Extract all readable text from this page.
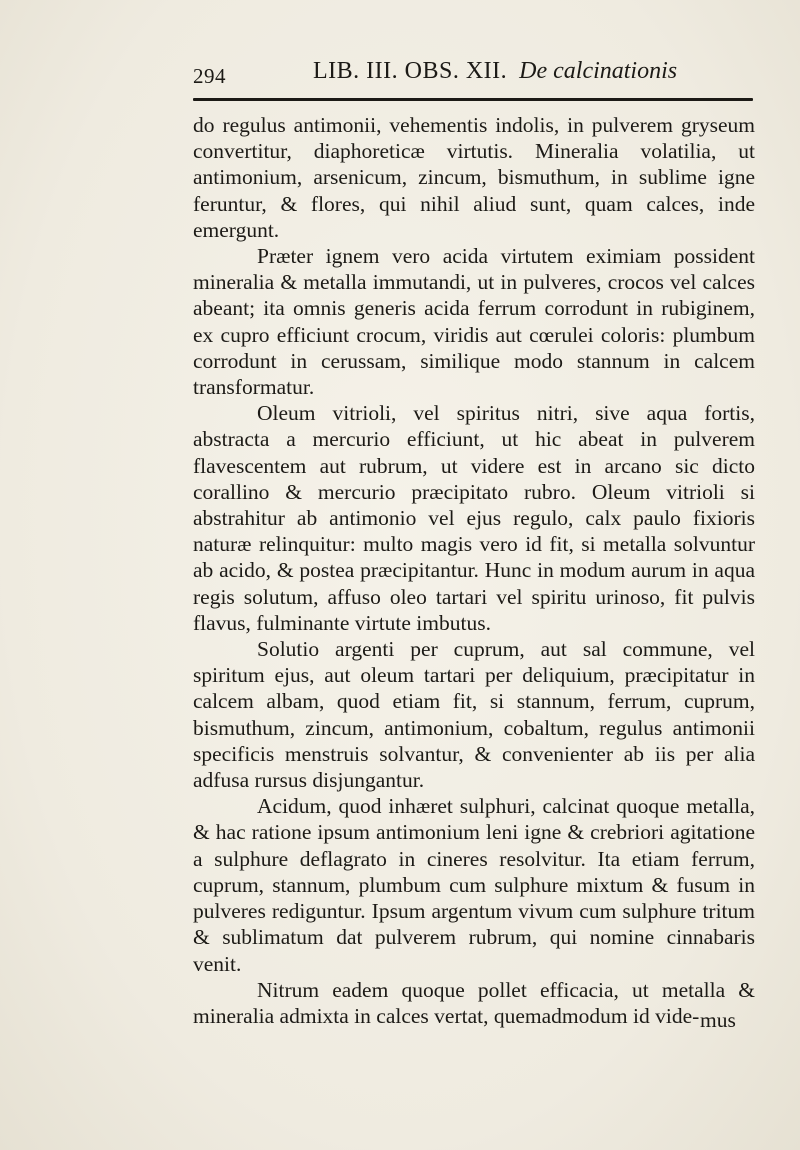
294	LIB. III. OBS. XII. De calcinationis

do regulus antimonii, vehementis indolis, in pulverem gryseum convertitur, diaphoreticæ virtutis. Mineralia volatilia, ut antimonium, arsenicum, zincum, bismuthum, in sublime igne feruntur, & flores, qui nihil aliud sunt, quam calces, inde emergunt.

Præter ignem vero acida virtutem eximiam possident mineralia & metalla immutandi, ut in pulveres, crocos vel calces abeant; ita omnis generis acida ferrum corrodunt in rubiginem, ex cupro efficiunt crocum, viridis aut cœrulei coloris: plumbum corrodunt in cerussam, similique modo stannum in calcem transformatur.

Oleum vitrioli, vel spiritus nitri, sive aqua fortis, abstracta a mercurio efficiunt, ut hic abeat in pulverem flavescentem aut rubrum, ut videre est in arcano sic dicto corallino & mercurio præcipitato rubro. Oleum vitrioli si abstrahitur ab antimonio vel ejus regulo, calx paulo fixioris naturæ relinquitur: multo magis vero id fit, si metalla solvuntur ab acido, & postea præcipitantur. Hunc in modum aurum in aqua regis solutum, affuso oleo tartari vel spiritu urinoso, fit pulvis flavus, fulminante virtute imbutus.

Solutio argenti per cuprum, aut sal commune, vel spiritum ejus, aut oleum tartari per deliquium, præcipitatur in calcem albam, quod etiam fit, si stannum, ferrum, cuprum, bismuthum, zincum, antimonium, cobaltum, regulus antimonii specificis menstruis solvantur, & convenienter ab iis per alia adfusa rursus disjungantur.

Acidum, quod inhæret sulphuri, calcinat quoque metalla, & hac ratione ipsum antimonium leni igne & crebriori agitatione a sulphure deflagrato in cineres resolvitur. Ita etiam ferrum, cuprum, stannum, plumbum cum sulphure mixtum & fusum in pulveres rediguntur. Ipsum argentum vivum cum sulphure tritum & sublimatum dat pulverem rubrum, qui nomine cinnabaris venit.

Nitrum eadem quoque pollet efficacia, ut metalla & mineralia admixta in calces vertat, quemadmodum id vide- mus
